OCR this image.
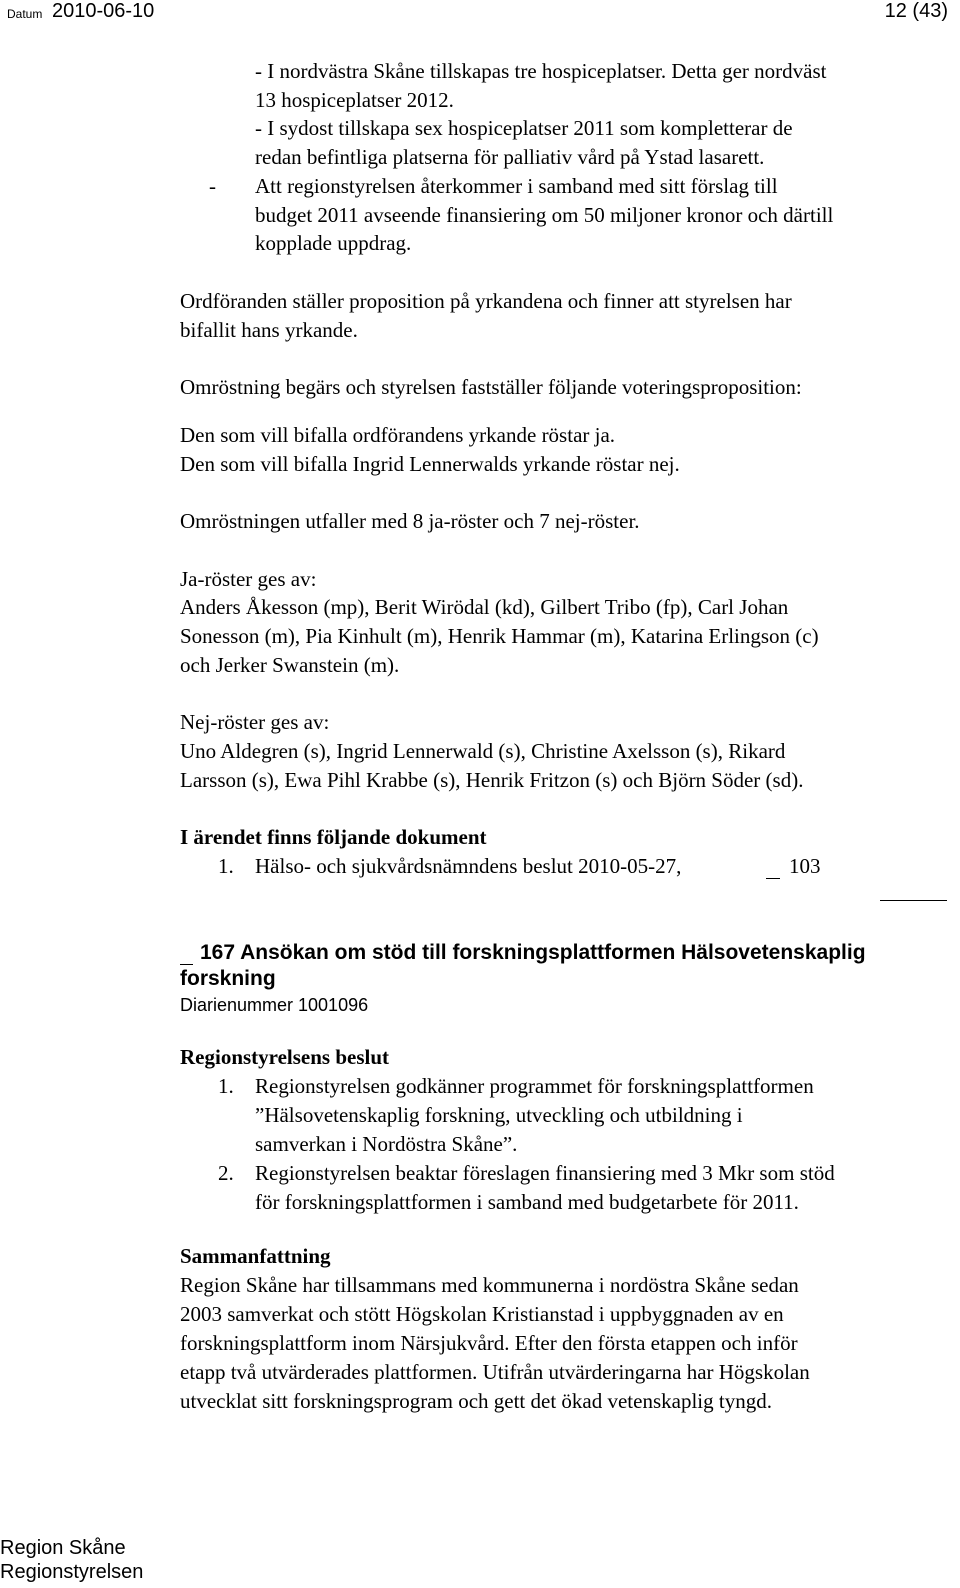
Datum 2010-06-10	12 (43)
- I nordvästra Skåne tillskapas tre hospiceplatser. Detta ger nordväst
13 hospiceplatser 2012.
- I sydost tillskapa sex hospiceplatser 2011 som kompletterar de
redan befintliga platserna för palliativ vård på Ystad lasarett.
- Att regionstyrelsen återkommer i samband med sitt förslag till
budget 2011 avseende finansiering om 50 miljoner kronor och därtill
kopplade uppdrag.
Ordföranden ställer proposition på yrkandena och finner att styrelsen har
bifallit hans yrkande.
Omröstning begärs och styrelsen fastställer följande voteringsproposition:
Den som vill bifalla ordförandens yrkande röstar ja.
Den som vill bifalla Ingrid Lennerwalds yrkande röstar nej.
Omröstningen utfaller med 8 ja-röster och 7 nej-röster.
Ja-röster ges av:
Anders Åkesson (mp), Berit Wirödal (kd), Gilbert Tribo (fp), Carl Johan
Sonesson (m), Pia Kinhult (m), Henrik Hammar (m), Katarina Erlingson (c)
och Jerker Swanstein (m).
Nej-röster ges av:
Uno Aldegren (s), Ingrid Lennerwald (s), Christine Axelsson (s), Rikard
Larsson (s), Ewa Pihl Krabbe (s), Henrik Fritzon (s) och Björn Söder (sd).
I ärendet finns följande dokument
1. Hälso- och sjukvårdsnämndens beslut 2010-05-27,	103
167 Ansökan om stöd till forskningsplattformen Hälsovetenskaplig
forskning
Diarienummer 1001096
Regionstyrelsens beslut
1. Regionstyrelsen godkänner programmet för forskningsplattformen
”Hälsovetenskaplig forskning, utveckling och utbildning i
samverkan i Nordöstra Skåne”.
2. Regionstyrelsen beaktar föreslagen finansiering med 3 Mkr som stöd
för forskningsplattformen i samband med budgetarbete för 2011.
Sammanfattning
Region Skåne har tillsammans med kommunerna i nordöstra Skåne sedan
2003 samverkat och stött Högskolan Kristianstad i uppbyggnaden av en
forskningsplattform inom Närsjukvård. Efter den första etappen och inför
etapp två utvärderades plattformen. Utifrån utvärderingarna har Högskolan
utvecklat sitt forskningsprogram och gett det ökad vetenskaplig tyngd.
Region Skåne
Regionstyrelsen
